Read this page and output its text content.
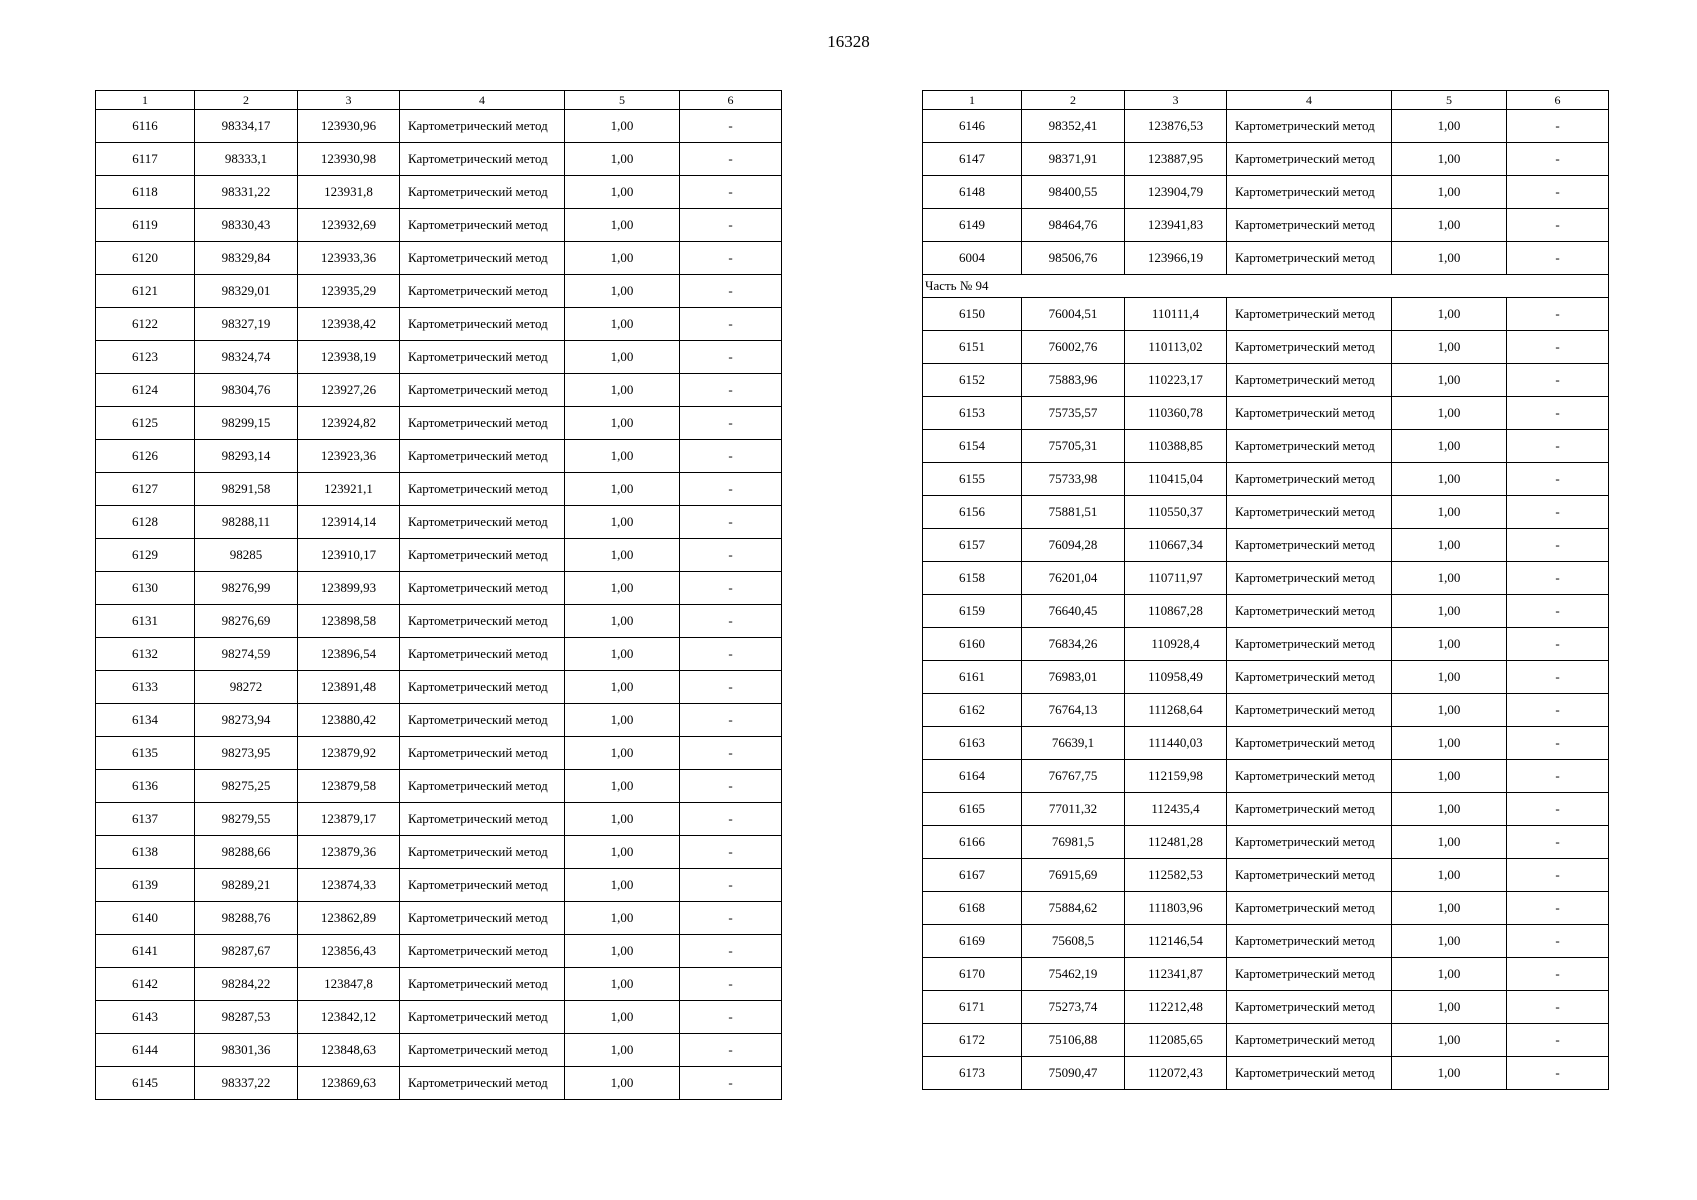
16328
1	2	3	4	5	6
6116	98334,17	123930,96	Картометрический метод	1,00	-
6117	98333,1	123930,98	Картометрический метод	1,00	-
6118	98331,22	123931,8	Картометрический метод	1,00	-
6119	98330,43	123932,69	Картометрический метод	1,00	-
6120	98329,84	123933,36	Картометрический метод	1,00	-
6121	98329,01	123935,29	Картометрический метод	1,00	-
6122	98327,19	123938,42	Картометрический метод	1,00	-
6123	98324,74	123938,19	Картометрический метод	1,00	-
6124	98304,76	123927,26	Картометрический метод	1,00	-
6125	98299,15	123924,82	Картометрический метод	1,00	-
6126	98293,14	123923,36	Картометрический метод	1,00	-
6127	98291,58	123921,1	Картометрический метод	1,00	-
6128	98288,11	123914,14	Картометрический метод	1,00	-
6129	98285	123910,17	Картометрический метод	1,00	-
6130	98276,99	123899,93	Картометрический метод	1,00	-
6131	98276,69	123898,58	Картометрический метод	1,00	-
6132	98274,59	123896,54	Картометрический метод	1,00	-
6133	98272	123891,48	Картометрический метод	1,00	-
6134	98273,94	123880,42	Картометрический метод	1,00	-
6135	98273,95	123879,92	Картометрический метод	1,00	-
6136	98275,25	123879,58	Картометрический метод	1,00	-
6137	98279,55	123879,17	Картометрический метод	1,00	-
6138	98288,66	123879,36	Картометрический метод	1,00	-
6139	98289,21	123874,33	Картометрический метод	1,00	-
6140	98288,76	123862,89	Картометрический метод	1,00	-
6141	98287,67	123856,43	Картометрический метод	1,00	-
6142	98284,22	123847,8	Картометрический метод	1,00	-
6143	98287,53	123842,12	Картометрический метод	1,00	-
6144	98301,36	123848,63	Картометрический метод	1,00	-
6145	98337,22	123869,63	Картометрический метод	1,00	-
1	2	3	4	5	6
6146	98352,41	123876,53	Картометрический метод	1,00	-
6147	98371,91	123887,95	Картометрический метод	1,00	-
6148	98400,55	123904,79	Картометрический метод	1,00	-
6149	98464,76	123941,83	Картометрический метод	1,00	-
6004	98506,76	123966,19	Картометрический метод	1,00	-
Часть № 94					
6150	76004,51	110111,4	Картометрический метод	1,00	-
6151	76002,76	110113,02	Картометрический метод	1,00	-
6152	75883,96	110223,17	Картометрический метод	1,00	-
6153	75735,57	110360,78	Картометрический метод	1,00	-
6154	75705,31	110388,85	Картометрический метод	1,00	-
6155	75733,98	110415,04	Картометрический метод	1,00	-
6156	75881,51	110550,37	Картометрический метод	1,00	-
6157	76094,28	110667,34	Картометрический метод	1,00	-
6158	76201,04	110711,97	Картометрический метод	1,00	-
6159	76640,45	110867,28	Картометрический метод	1,00	-
6160	76834,26	110928,4	Картометрический метод	1,00	-
6161	76983,01	110958,49	Картометрический метод	1,00	-
6162	76764,13	111268,64	Картометрический метод	1,00	-
6163	76639,1	111440,03	Картометрический метод	1,00	-
6164	76767,75	112159,98	Картометрический метод	1,00	-
6165	77011,32	112435,4	Картометрический метод	1,00	-
6166	76981,5	112481,28	Картометрический метод	1,00	-
6167	76915,69	112582,53	Картометрический метод	1,00	-
6168	75884,62	111803,96	Картометрический метод	1,00	-
6169	75608,5	112146,54	Картометрический метод	1,00	-
6170	75462,19	112341,87	Картометрический метод	1,00	-
6171	75273,74	112212,48	Картометрический метод	1,00	-
6172	75106,88	112085,65	Картометрический метод	1,00	-
6173	75090,47	112072,43	Картометрический метод	1,00	-
